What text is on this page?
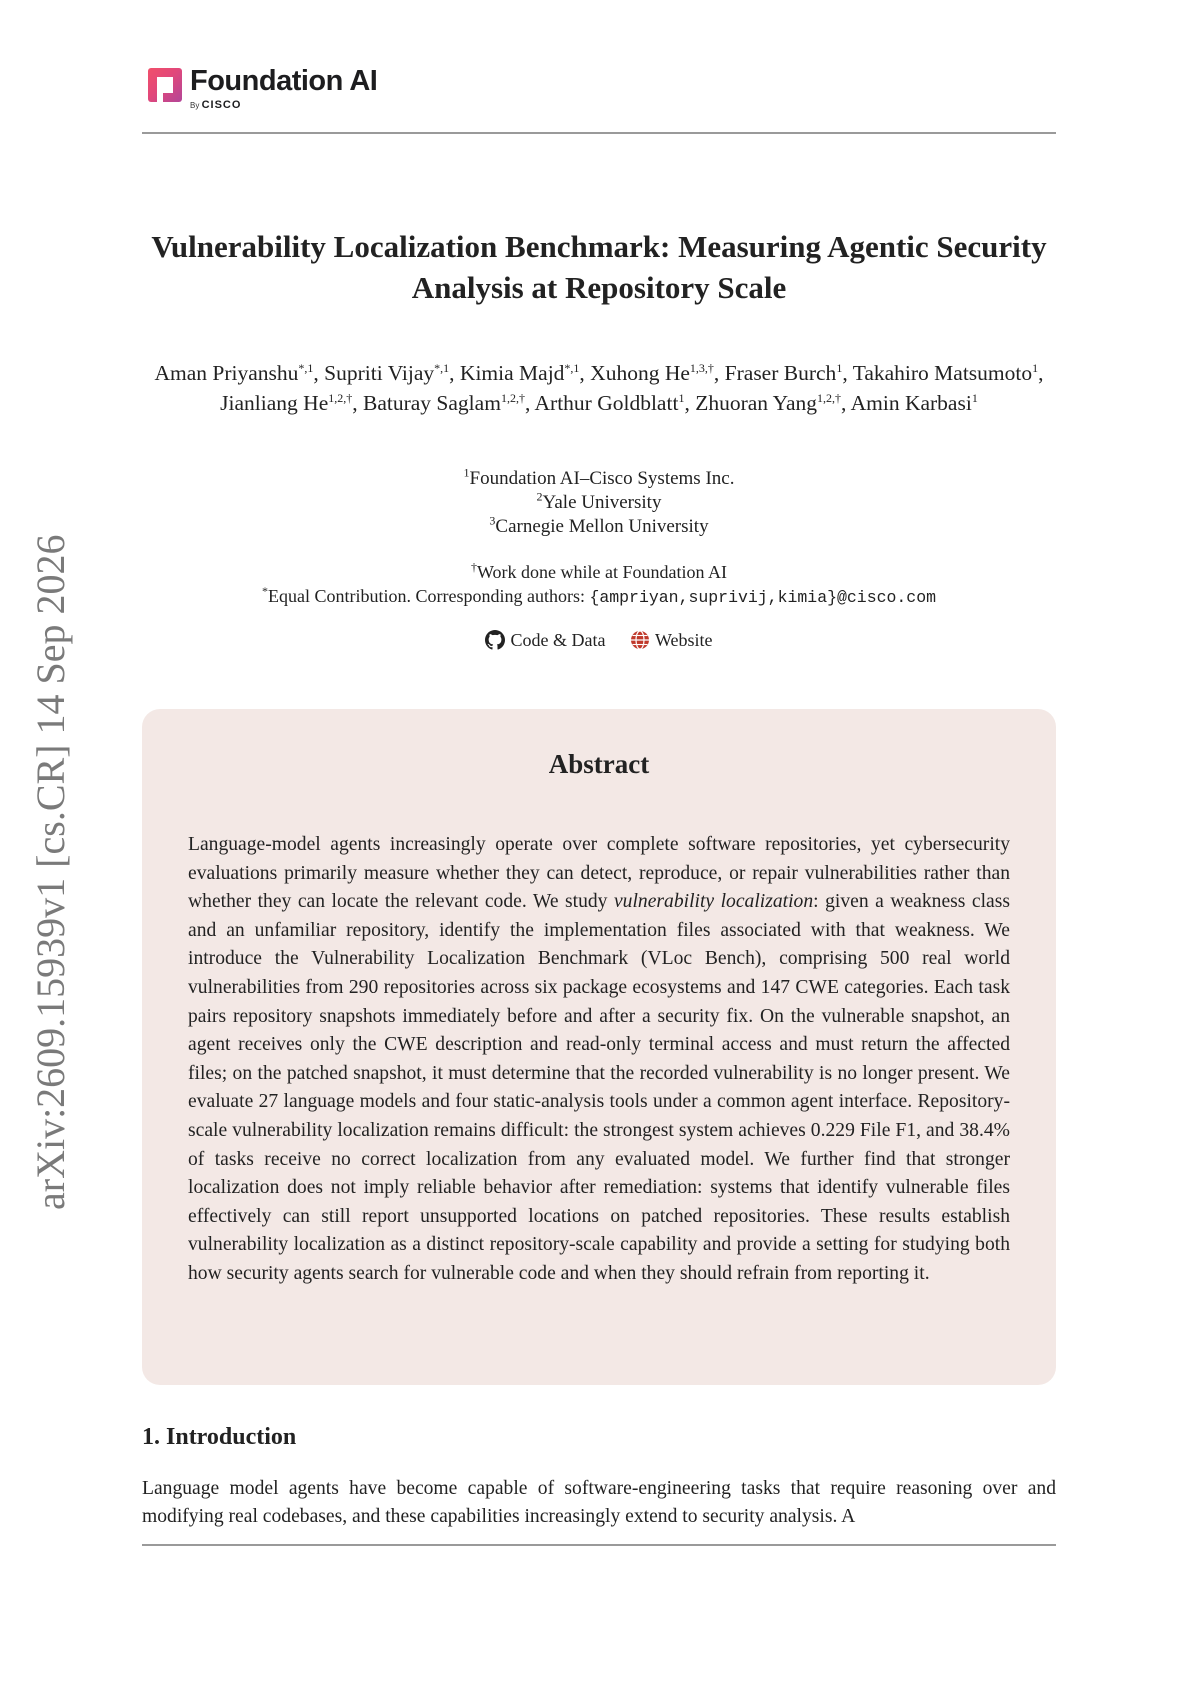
Foundation AI
By CISCO
arXiv:2609.15939v1 [cs.CR] 14 Sep 2026
Vulnerability Localization Benchmark: Measuring Agentic Security Analysis at Repository Scale
Aman Priyanshu$^{*,1}$, Supriti Vijay$^{*,1}$, Kimia Majd$^{*,1}$, Xuhong $He^{1,3,\dagger}$, Fraser Burch$^1$, Takahiro Matsumoto$^1$, Jianliang $He^{1,2,\dagger}$, Baturay Saglam$^{1,2,\dagger}$, Arthur Goldblatt$^1$, Zhuoran Yang$^{1,2,\dagger}$, Amin Karbasi$^1$
$^1$Foundation AI–Cisco Systems Inc.
$^2$Yale University
$^3$Carnegie Mellon University
†Work done while at Foundation AI
*Equal Contribution. Corresponding authors: {ampriyan,suprivij,kimia}@cisco.com
Code & Data
	Website
Abstract
Language-model agents increasingly operate over complete software repositories, yet cybersecurity evaluations primarily measure whether they can detect, reproduce, or repair vulnerabilities rather than whether they can locate the relevant code. We study vulnerability localization: given a weakness class and an unfamiliar repository, identify the implementation files associated with that weakness. We introduce the Vulnerability Localization Benchmark (VLoc Bench), comprising 500 real world vulnerabilities from 290 repositories across six package ecosystems and 147 CWE categories. Each task pairs repository snapshots immediately before and after a security fix. On the vulnerable snapshot, an agent receives only the CWE description and read-only terminal access and must return the affected files; on the patched snapshot, it must determine that the recorded vulnerability is no longer present. We evaluate 27 language models and four static-analysis tools under a common agent interface. Repository-scale vulnerability localization remains difficult: the strongest system achieves 0.229 File F1, and 38.4% of tasks receive no correct localization from any evaluated model. We further find that stronger localization does not imply reliable behavior after remediation: systems that identify vulnerable files effectively can still report unsupported locations on patched repositories. These results establish vulnerability localization as a distinct repository-scale capability and provide a setting for studying both how security agents search for vulnerable code and when they should refrain from reporting it.
1. Introduction
Language model agents have become capable of software-engineering tasks that require reasoning over and modifying real codebases, and these capabilities increasingly extend to security analysis. A
